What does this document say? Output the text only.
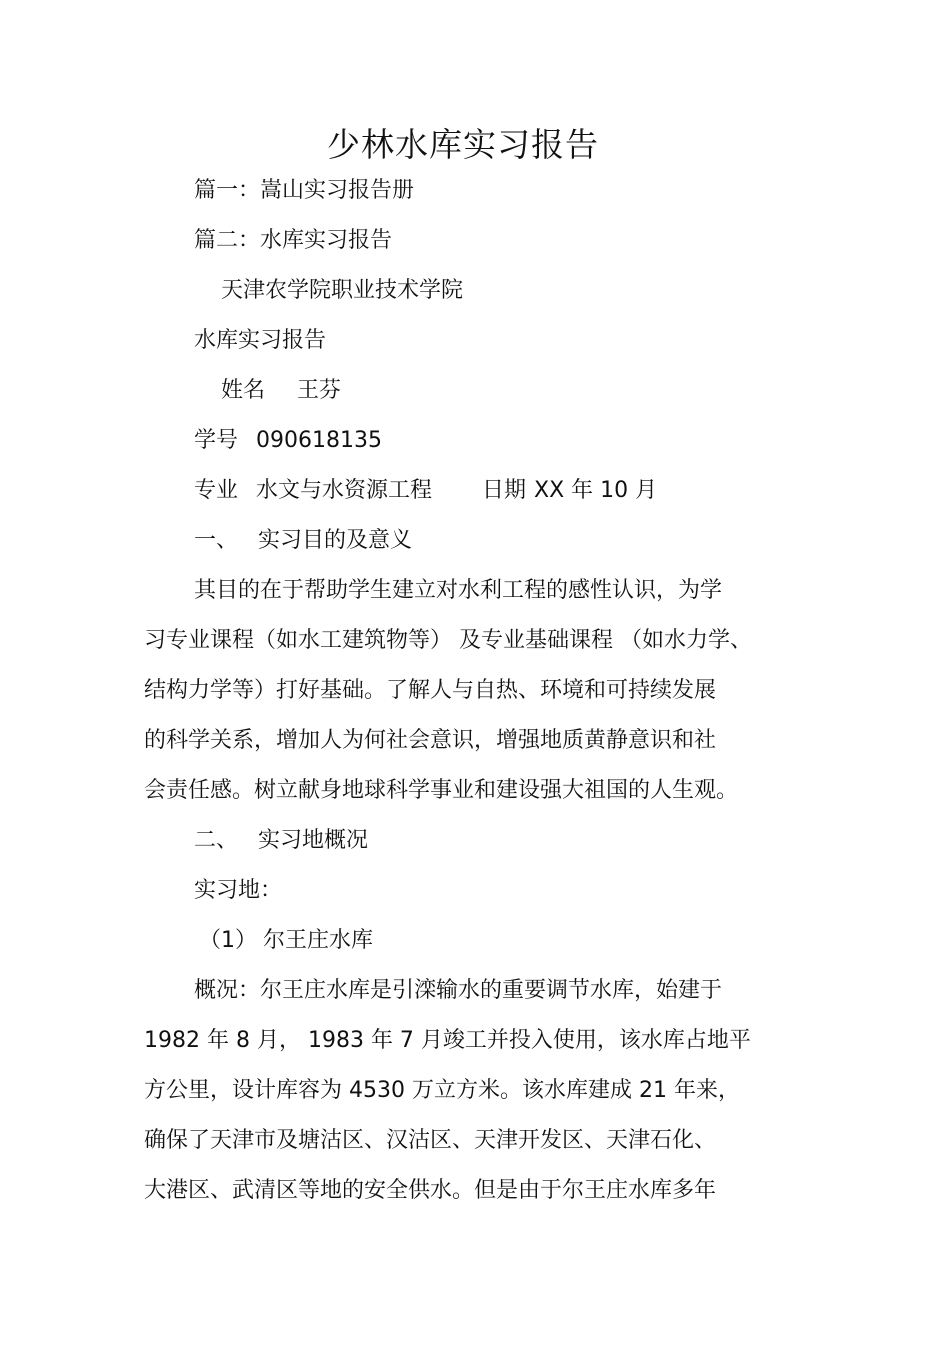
少林水库实习报告
篇一：嵩山实习报告册
篇二：水库实习报告
天津农学院职业技术学院
水库实习报告
姓名 王芬
学号 090618135
专业 水文与水资源工程 日期 XX 年 10 月
一、 实习目的及意义
其目的在于帮助学生建立对水利工程的感性认识，为学
习专业课程（如水工建筑物等） 及专业基础课程 （如水力学、
结构力学等）打好基础。了解人与自热、环境和可持续发展
的科学关系，增加人为何社会意识，增强地质黄静意识和社
会责任感。树立献身地球科学事业和建设强大祖国的人生观。
二、 实习地概况
实习地：
（1） 尔王庄水库
概况：尔王庄水库是引滦输水的重要调节水库，始建于
1982 年 8 月， 1983 年 7 月竣工并投入使用，该水库占地平
方公里，设计库容为 4530 万立方米。该水库建成 21 年来，
确保了天津市及塘沽区、汉沽区、天津开发区、天津石化、
大港区、武清区等地的安全供水。但是由于尔王庄水库多年
